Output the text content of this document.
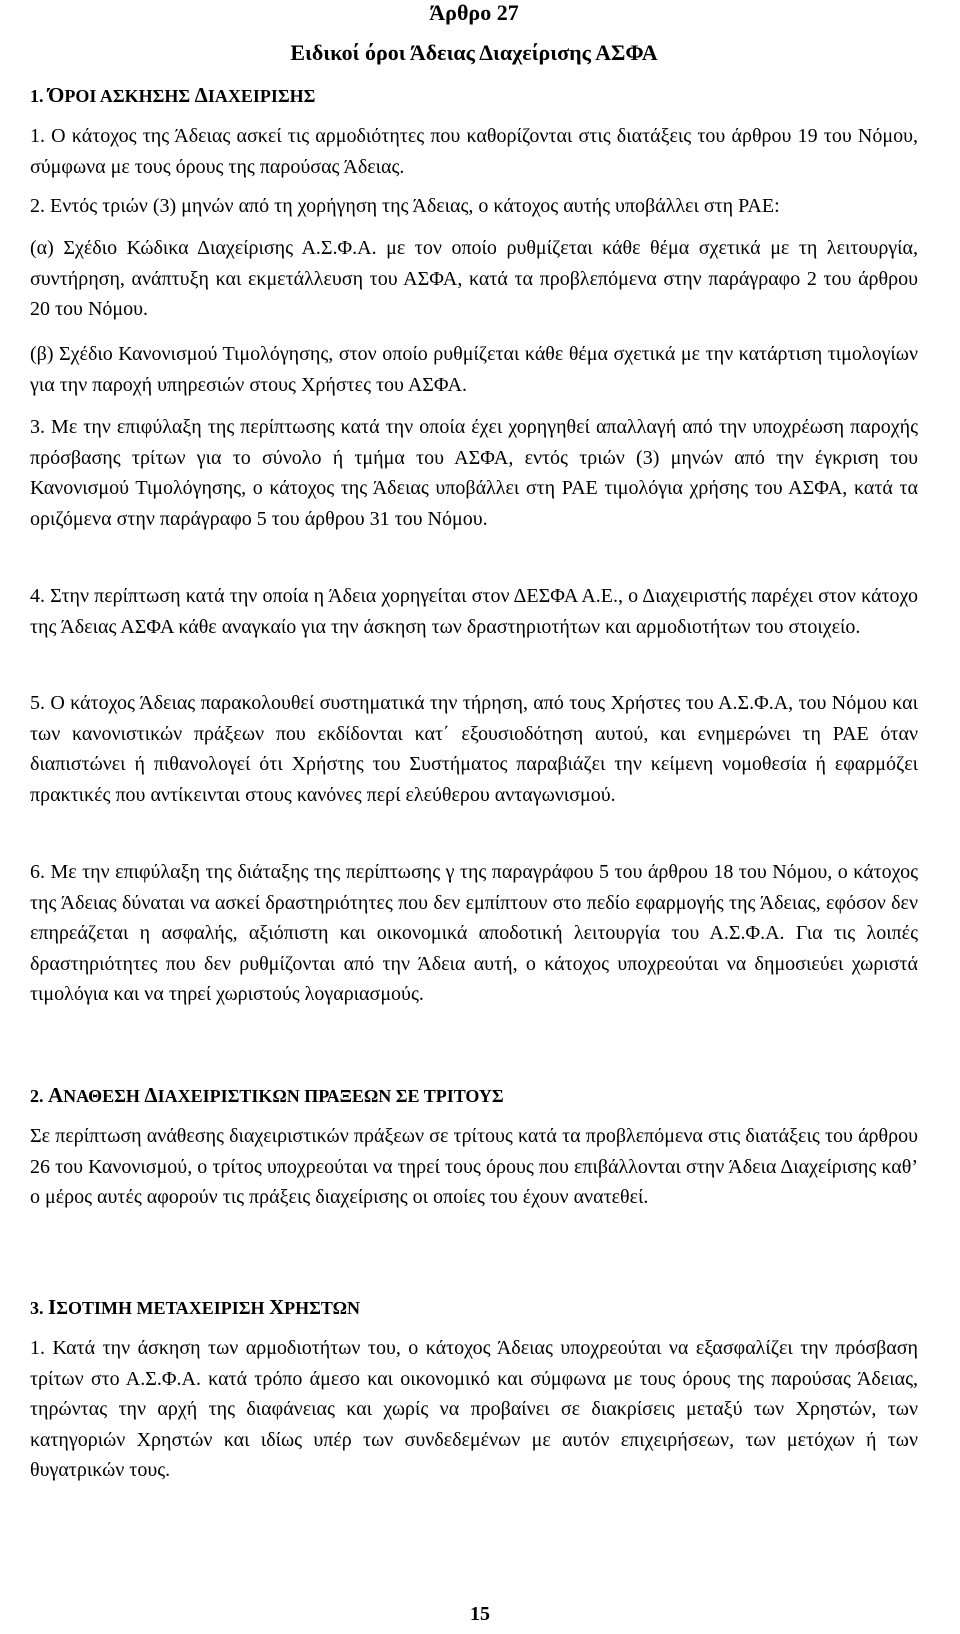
Άρθρο 27
Ειδικοί όροι Άδειας Διαχείρισης ΑΣΦΑ
1. ΌΡΟΙ ΑΣΚΗΣΗΣ ΔΙΑΧΕΙΡΙΣΗΣ

1. Ο κάτοχος της Άδειας ασκεί τις αρμοδιότητες που καθορίζονται στις διατάξεις του άρθρου 19 του Νόμου, σύμφωνα με τους όρους της παρούσας Άδειας.

2. Εντός τριών (3) μηνών από τη χορήγηση της Άδειας, ο κάτοχος αυτής υποβάλλει στη ΡΑΕ:

(α) Σχέδιο Κώδικα Διαχείρισης Α.Σ.Φ.Α. με τον οποίο ρυθμίζεται κάθε θέμα σχετικά με τη λειτουργία, συντήρηση, ανάπτυξη και εκμετάλλευση του ΑΣΦΑ, κατά τα προβλεπόμενα στην παράγραφο 2 του άρθρου 20 του Νόμου.

(β) Σχέδιο Κανονισμού Τιμολόγησης, στον οποίο ρυθμίζεται κάθε θέμα σχετικά με την κατάρτιση τιμολογίων για την παροχή υπηρεσιών στους Χρήστες του ΑΣΦΑ.

3. Με την επιφύλαξη της περίπτωσης κατά την οποία έχει χορηγηθεί απαλλαγή από την υποχρέωση παροχής πρόσβασης τρίτων για το σύνολο ή τμήμα του ΑΣΦΑ, εντός τριών (3) μηνών από την έγκριση του Κανονισμού Τιμολόγησης, ο κάτοχος της Άδειας υποβάλλει στη ΡΑΕ τιμολόγια χρήσης του ΑΣΦΑ, κατά τα οριζόμενα στην παράγραφο 5 του άρθρου 31 του Νόμου.

4. Στην περίπτωση κατά την οποία η Άδεια χορηγείται στον ΔΕΣΦΑ Α.Ε., ο Διαχειριστής παρέχει στον κάτοχο της Άδειας ΑΣΦΑ κάθε αναγκαίο για την άσκηση των δραστηριοτήτων και αρμοδιοτήτων του στοιχείο.

5. Ο κάτοχος Άδειας παρακολουθεί συστηματικά την τήρηση, από τους Χρήστες του Α.Σ.Φ.Α, του Νόμου και των κανονιστικών πράξεων που εκδίδονται κατ΄ εξουσιοδότηση αυτού, και ενημερώνει τη ΡΑΕ όταν διαπιστώνει ή πιθανολογεί ότι Χρήστης του Συστήματος παραβιάζει την κείμενη νομοθεσία ή εφαρμόζει πρακτικές που αντίκεινται στους κανόνες περί ελεύθερου ανταγωνισμού.

6. Με την επιφύλαξη της διάταξης της περίπτωσης γ της παραγράφου 5 του άρθρου 18 του Νόμου, ο κάτοχος της Άδειας δύναται να ασκεί δραστηριότητες που δεν εμπίπτουν στο πεδίο εφαρμογής της Άδειας, εφόσον δεν επηρεάζεται η ασφαλής, αξιόπιστη και οικονομικά αποδοτική λειτουργία του Α.Σ.Φ.Α. Για τις λοιπές δραστηριότητες που δεν ρυθμίζονται από την Άδεια αυτή, ο κάτοχος υποχρεούται να δημοσιεύει χωριστά τιμολόγια και να τηρεί χωριστούς λογαριασμούς.

2. ΑΝΑΘΕΣΗ ΔΙΑΧΕΙΡΙΣΤΙΚΩΝ ΠΡΑΞΕΩΝ ΣΕ ΤΡΙΤΟΥΣ

Σε περίπτωση ανάθεσης διαχειριστικών πράξεων σε τρίτους κατά τα προβλεπόμενα στις διατάξεις του άρθρου 26 του Κανονισμού, ο τρίτος υποχρεούται να τηρεί τους όρους που επιβάλλονται στην Άδεια Διαχείρισης καθ’ ο μέρος αυτές αφορούν τις πράξεις διαχείρισης οι οποίες του έχουν ανατεθεί.

3. ΙΣΟΤΙΜΗ ΜΕΤΑΧΕΙΡΙΣΗ ΧΡΗΣΤΩΝ

1. Κατά την άσκηση των αρμοδιοτήτων του, ο κάτοχος Άδειας υποχρεούται να εξασφαλίζει την πρόσβαση τρίτων στο Α.Σ.Φ.Α. κατά τρόπο άμεσο και οικονομικό και σύμφωνα με τους όρους της παρούσας Άδειας, τηρώντας την αρχή της διαφάνειας και χωρίς να προβαίνει σε διακρίσεις μεταξύ των Χρηστών, των κατηγοριών Χρηστών και ιδίως υπέρ των συνδεδεμένων με αυτόν επιχειρήσεων, των μετόχων ή των θυγατρικών τους.

15
